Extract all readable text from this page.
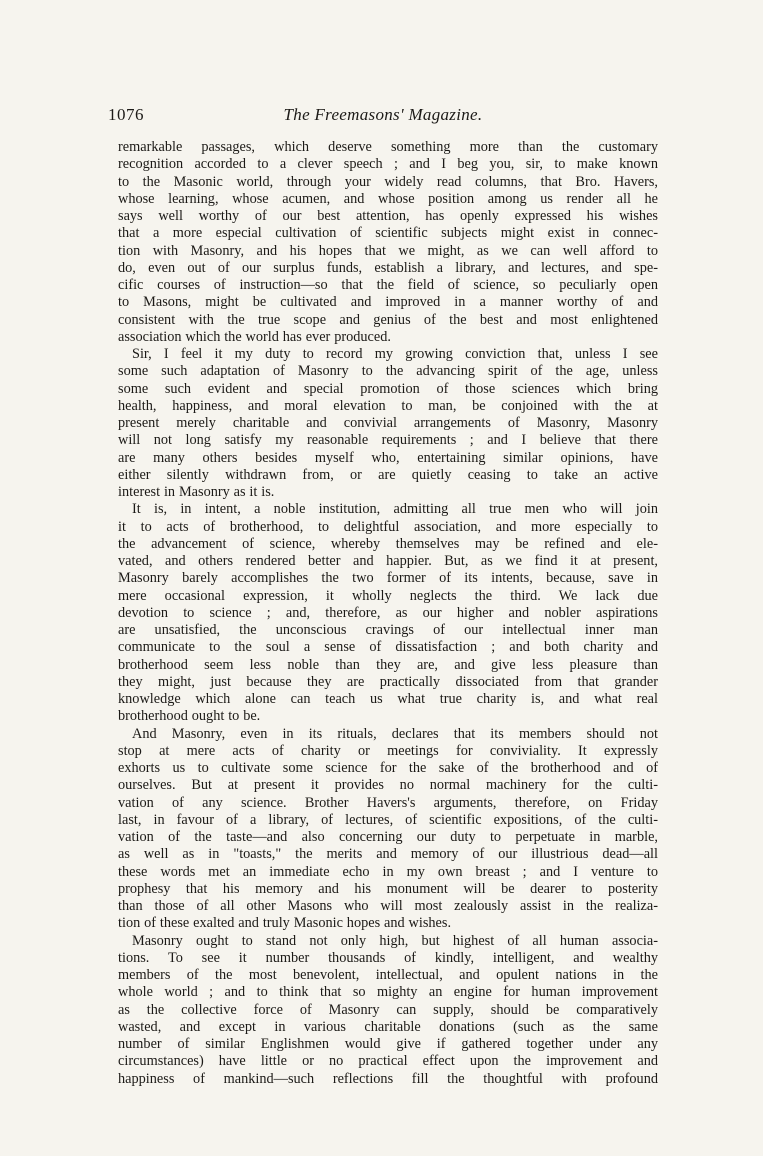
1076	The Freemasons' Magazine.

remarkable passages, which deserve something more than the customary
recognition accorded to a clever speech ; and I beg you, sir, to make known
to the Masonic world, through your widely read columns, that Bro. Havers,
whose learning, whose acumen, and whose position among us render all he
says well worthy of our best attention, has openly expressed his wishes
that a more especial cultivation of scientific subjects might exist in connec-
tion with Masonry, and his hopes that we might, as we can well afford to
do, even out of our surplus funds, establish a library, and lectures, and spe-
cific courses of instruction—so that the field of science, so peculiarly open
to Masons, might be cultivated and improved in a manner worthy of and
consistent with the true scope and genius of the best and most enlightened
association which the world has ever produced.

Sir, I feel it my duty to record my growing conviction that, unless I see
some such adaptation of Masonry to the advancing spirit of the age, unless
some such evident and special promotion of those sciences which bring
health, happiness, and moral elevation to man, be conjoined with the at
present merely charitable and convivial arrangements of Masonry, Masonry
will not long satisfy my reasonable requirements ; and I believe that there
are many others besides myself who, entertaining similar opinions, have
either silently withdrawn from, or are quietly ceasing to take an active
interest in Masonry as it is.

It is, in intent, a noble institution, admitting all true men who will join
it to acts of brotherhood, to delightful association, and more especially to
the advancement of science, whereby themselves may be refined and ele-
vated, and others rendered better and happier. But, as we find it at present,
Masonry barely accomplishes the two former of its intents, because, save in
mere occasional expression, it wholly neglects the third. We lack due
devotion to science ; and, therefore, as our higher and nobler aspirations
are unsatisfied, the unconscious cravings of our intellectual inner man
communicate to the soul a sense of dissatisfaction ; and both charity and
brotherhood seem less noble than they are, and give less pleasure than
they might, just because they are practically dissociated from that grander
knowledge which alone can teach us what true charity is, and what real
brotherhood ought to be.

And Masonry, even in its rituals, declares that its members should not
stop at mere acts of charity or meetings for conviviality. It expressly
exhorts us to cultivate some science for the sake of the brotherhood and of
ourselves. But at present it provides no normal machinery for the culti-
vation of any science. Brother Havers's arguments, therefore, on Friday
last, in favour of a library, of lectures, of scientific expositions, of the culti-
vation of the taste—and also concerning our duty to perpetuate in marble,
as well as in "toasts," the merits and memory of our illustrious dead—all
these words met an immediate echo in my own breast ; and I venture to
prophesy that his memory and his monument will be dearer to posterity
than those of all other Masons who will most zealously assist in the realiza-
tion of these exalted and truly Masonic hopes and wishes.

Masonry ought to stand not only high, but highest of all human associa-
tions. To see it number thousands of kindly, intelligent, and wealthy
members of the most benevolent, intellectual, and opulent nations in the
whole world ; and to think that so mighty an engine for human improvement
as the collective force of Masonry can supply, should be comparatively
wasted, and except in various charitable donations (such as the same
number of similar Englishmen would give if gathered together under any
circumstances) have little or no practical effect upon the improvement and
happiness of mankind—such reflections fill the thoughtful with profound
